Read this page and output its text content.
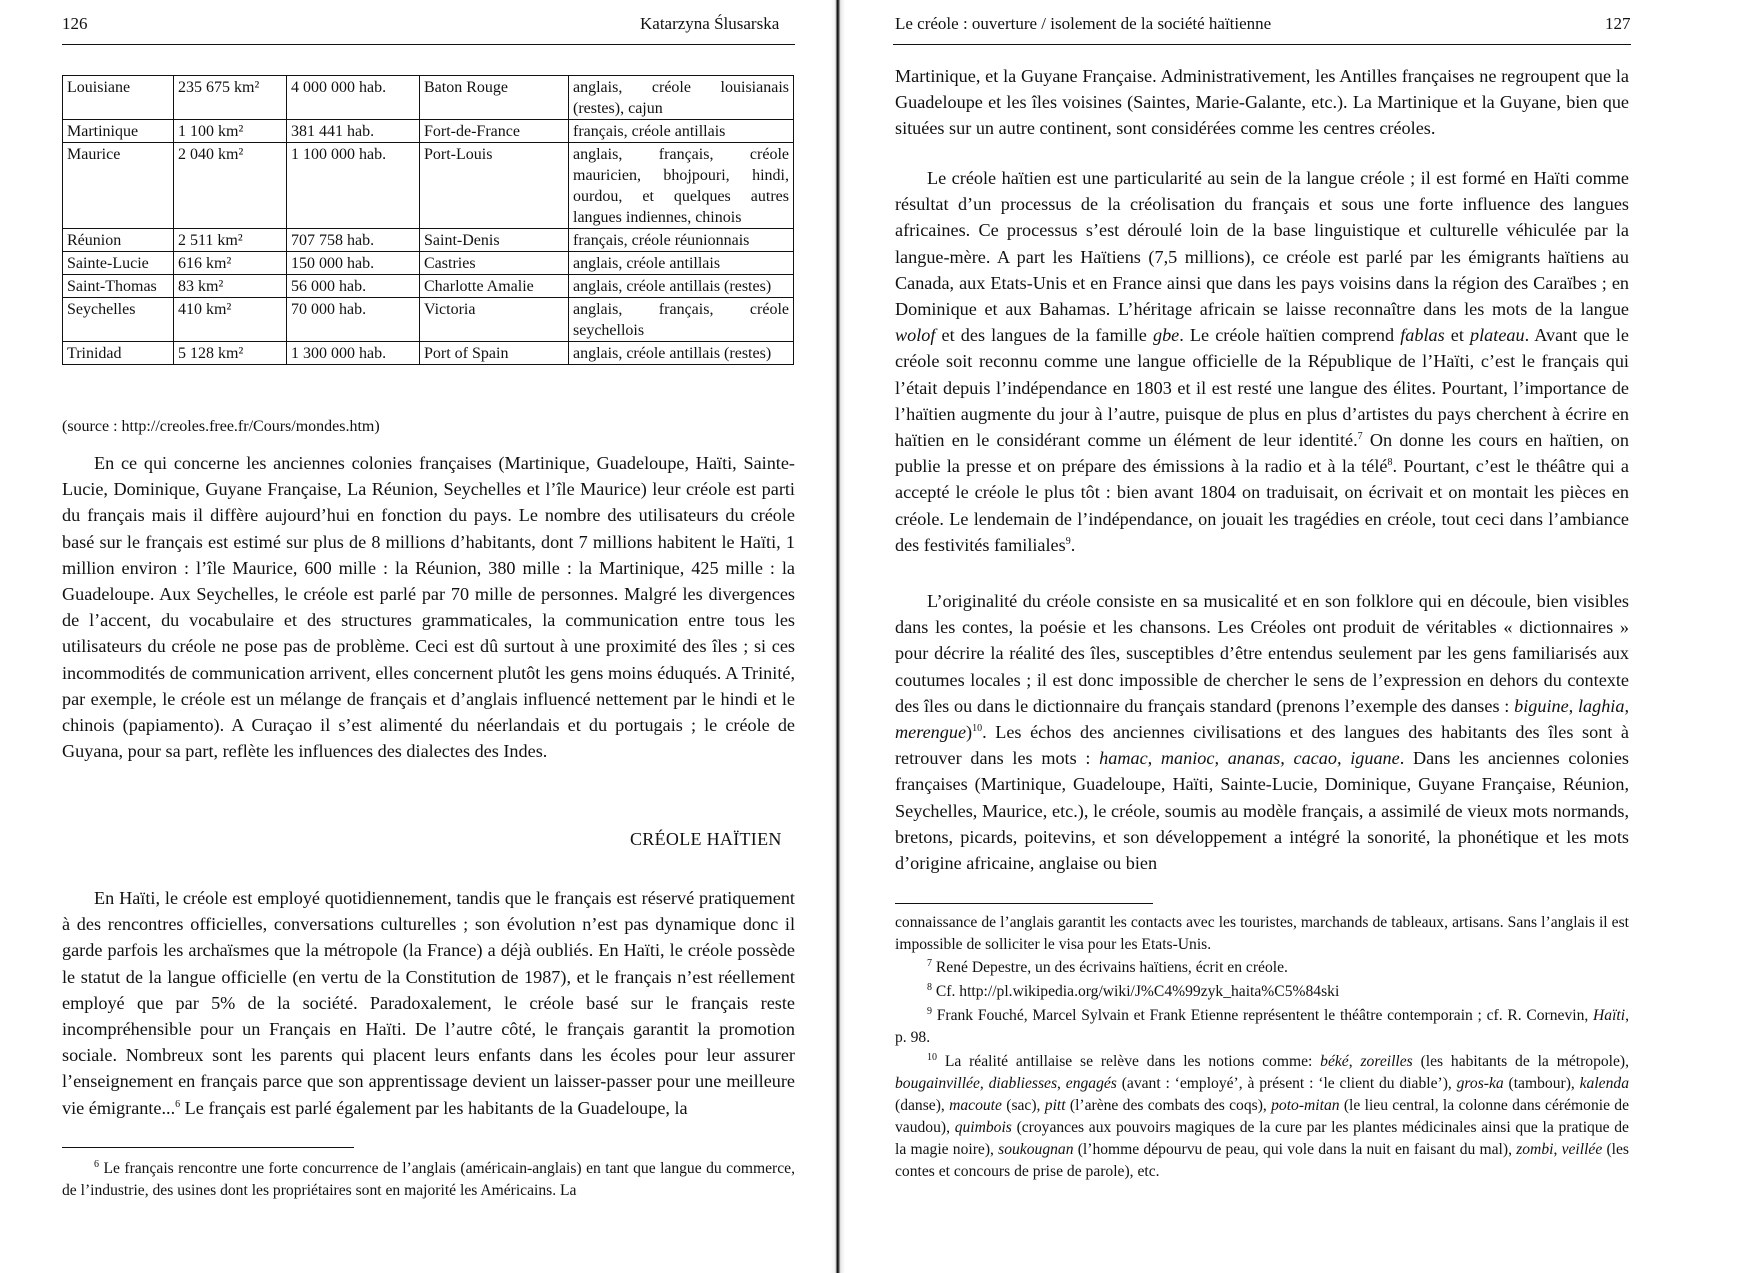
126	Katarzyna Ślusarska
Louisiane	235 675 km²	4 000 000 hab.	Baton Rouge	anglais, créole louisianais (restes), cajun
Martinique	1 100 km²	381 441 hab.	Fort-de-France	français, créole antillais
Maurice	2 040 km²	1 100 000 hab.	Port-Louis	anglais, français, créole mauricien, bhojpouri, hindi, ourdou, et quelques autres langues indiennes, chinois
Réunion	2 511 km²	707 758 hab.	Saint-Denis	français, créole réunionnais
Sainte-Lucie	616 km²	150 000 hab.	Castries	anglais, créole antillais
Saint-Thomas	83 km²	56 000 hab.	Charlotte Amalie	anglais, créole antillais (restes)
Seychelles	410 km²	70 000 hab.	Victoria	anglais, français, créole seychellois
Trinidad	5 128 km²	1 300 000 hab.	Port of Spain	anglais, créole antillais (restes)
(source : http://creoles.free.fr/Cours/mondes.htm)

En ce qui concerne les anciennes colonies françaises (Martinique, Guadeloupe, Haïti, Sainte-Lucie, Dominique, Guyane Française, La Réunion, Seychelles et l’île Maurice) leur créole est parti du français mais il diffère aujourd’hui en fonction du pays. Le nombre des utilisateurs du créole basé sur le français est estimé sur plus de 8 millions d’habitants, dont 7 millions habitent le Haïti, 1 million environ : l’île Maurice, 600 mille : la Réunion, 380 mille : la Martinique, 425 mille : la Guadeloupe. Aux Seychelles, le créole est parlé par 70 mille de personnes. Malgré les divergences de l’accent, du vocabulaire et des structures grammaticales, la communication entre tous les utilisateurs du créole ne pose pas de problème. Ceci est dû surtout à une proximité des îles ; si ces incommodités de communication arrivent, elles concernent plutôt les gens moins éduqués. A Trinité, par exemple, le créole est un mélange de français et d’anglais influencé nettement par le hindi et le chinois (papiamento). A Curaçao il s’est alimenté du néerlandais et du portugais ; le créole de Guyana, pour sa part, reflète les influences des dialectes des Indes.

CRÉOLE HAÏTIEN

En Haïti, le créole est employé quotidiennement, tandis que le français est réservé pratiquement à des rencontres officielles, conversations culturelles ; son évolution n’est pas dynamique donc il garde parfois les archaïsmes que la métropole (la France) a déjà oubliés. En Haïti, le créole possède le statut de la langue officielle (en vertu de la Constitution de 1987), et le français n’est réellement employé que par 5% de la société. Paradoxalement, le créole basé sur le français reste incompréhensible pour un Français en Haïti. De l’autre côté, le français garantit la promotion sociale. Nombreux sont les parents qui placent leurs enfants dans les écoles pour leur assurer l’enseignement en français parce que son apprentissage devient un laisser-passer pour une meilleure vie émigrante...$^6$ Le français est parlé également par les habitants de la Guadeloupe, la

$^6$ Le français rencontre une forte concurrence de l’anglais (américain-anglais) en tant que langue du commerce, de l’industrie, des usines dont les propriétaires sont en majorité les Américains. La

Le créole : ouverture / isolement de la société haïtienne	127

Martinique, et la Guyane Française. Administrativement, les Antilles françaises ne regroupent que la Guadeloupe et les îles voisines (Saintes, Marie-Galante, etc.). La Martinique et la Guyane, bien que situées sur un autre continent, sont considérées comme les centres créoles.

Le créole haïtien est une particularité au sein de la langue créole ; il est formé en Haïti comme résultat d’un processus de la créolisation du français et sous une forte influence des langues africaines. Ce processus s’est déroulé loin de la base linguistique et culturelle véhiculée par la langue-mère. A part les Haïtiens (7,5 millions), ce créole est parlé par les émigrants haïtiens au Canada, aux Etats-Unis et en France ainsi que dans les pays voisins dans la région des Caraïbes ; en Dominique et aux Bahamas. L’héritage africain se laisse reconnaître dans les mots de la langue wolof et des langues de la famille gbe. Le créole haïtien comprend fablas et plateau. Avant que le créole soit reconnu comme une langue officielle de la République de l’Haïti, c’est le français qui l’était depuis l’indépendance en 1803 et il est resté une langue des élites. Pourtant, l’importance de l’haïtien augmente du jour à l’autre, puisque de plus en plus d’artistes du pays cherchent à écrire en haïtien en le considérant comme un élément de leur identité.$^7$ On donne les cours en haïtien, on publie la presse et on prépare des émissions à la radio et à la télé$^8$. Pourtant, c’est le théâtre qui a accepté le créole le plus tôt : bien avant 1804 on traduisait, on écrivait et on montait les pièces en créole. Le lendemain de l’indépendance, on jouait les tragédies en créole, tout ceci dans l’ambiance des festivités familiales$^9$.

L’originalité du créole consiste en sa musicalité et en son folklore qui en découle, bien visibles dans les contes, la poésie et les chansons. Les Créoles ont produit de véritables « dictionnaires » pour décrire la réalité des îles, susceptibles d’être entendus seulement par les gens familiarisés aux coutumes locales ; il est donc impossible de chercher le sens de l’expression en dehors du contexte des îles ou dans le dictionnaire du français standard (prenons l’exemple des danses : biguine, laghia, merengue)$^{10}$. Les échos des anciennes civilisations et des langues des habitants des îles sont à retrouver dans les mots : hamac, manioc, ananas, cacao, iguane. Dans les anciennes colonies françaises (Martinique, Guadeloupe, Haïti, Sainte-Lucie, Dominique, Guyane Française, Réunion, Seychelles, Maurice, etc.), le créole, soumis au modèle français, a assimilé de vieux mots normands, bretons, picards, poitevins, et son développement a intégré la sonorité, la phonétique et les mots d’origine africaine, anglaise ou bien

connaissance de l’anglais garantit les contacts avec les touristes, marchands de tableaux, artisans. Sans l’anglais il est impossible de solliciter le visa pour les Etats-Unis.

$^7$ René Depestre, un des écrivains haïtiens, écrit en créole.

$^8$ Cf. http://pl.wikipedia.org/wiki/J%C4%99zyk_haita%C5%84ski

$^9$ Frank Fouché, Marcel Sylvain et Frank Etienne représentent le théâtre contemporain ; cf. R. Cornevin, Haïti, p. 98.

$^{10}$ La réalité antillaise se relève dans les notions comme: béké, zoreilles (les habitants de la métropole), bougainvillée, diabliesses, engagés (avant : ‘employé’, à présent : ‘le client du diable’), gros-ka (tambour), kalenda (danse), macoute (sac), pitt (l’arène des combats des coqs), poto-mitan (le lieu central, la colonne dans cérémonie de vaudou), quimbois (croyances aux pouvoirs magiques de la cure par les plantes médicinales ainsi que la pratique de la magie noire), soukougnan (l’homme dépourvu de peau, qui vole dans la nuit en faisant du mal), zombi, veillée (les contes et concours de prise de parole), etc.
